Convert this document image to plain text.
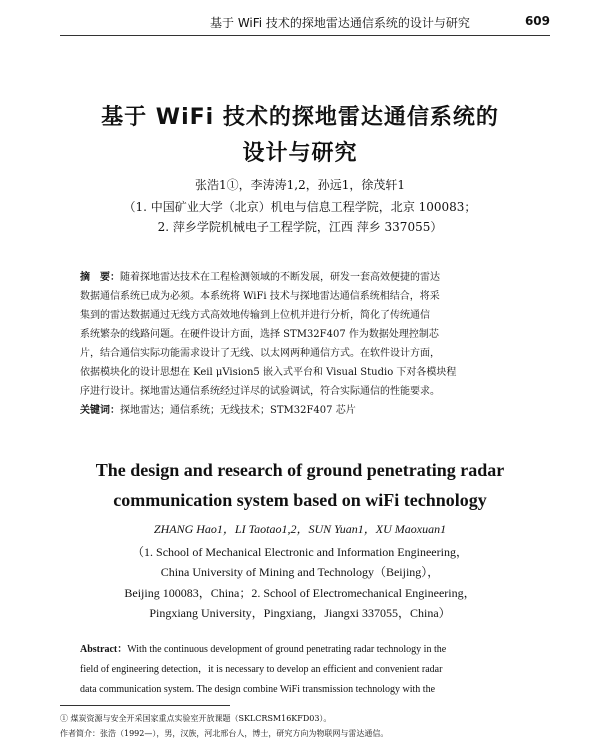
基于 WiFi 技术的探地雷达通信系统的设计与研究	609
基于 WiFi 技术的探地雷达通信系统的
设计与研究
张浩1①，李涛涛1,2，孙远1，徐茂轩1
（1. 中国矿业大学（北京）机电与信息工程学院，北京 100083；
2. 萍乡学院机械电子工程学院，江西 萍乡 337055）
摘　要：随着探地雷达技术在工程检测领域的不断发展，研发一套高效便捷的雷达
数据通信系统已成为必须。本系统将 WiFi 技术与探地雷达通信系统相结合，将采
集到的雷达数据通过无线方式高效地传输到上位机并进行分析，简化了传统通信
系统繁杂的线路问题。在硬件设计方面，选择 STM32F407 作为数据处理控制芯
片，结合通信实际功能需求设计了无线、以太网两种通信方式。在软件设计方面，
依据模块化的设计思想在 Keil μVision5 嵌入式平台和 Visual Studio 下对各模块程
序进行设计。探地雷达通信系统经过详尽的试验调试，符合实际通信的性能要求。
关键词：探地雷达；通信系统；无线技术；STM32F407 芯片
The design and research of ground penetrating radar
communication system based on wiFi technology
ZHANG Hao1，LI Taotao1,2，SUN Yuan1，XU Maoxuan1
（1. School of Mechanical Electronic and Information Engineering，
China University of Mining and Technology（Beijing），
Beijing 100083，China；2. School of Electromechanical Engineering，
Pingxiang University，Pingxiang，Jiangxi 337055，China）
Abstract：With the continuous development of ground penetrating radar technology in the
field of engineering detection，it is necessary to develop an efficient and convenient radar
data communication system. The design combine WiFi transmission technology with the
① 煤炭资源与安全开采国家重点实验室开放课题（SKLCRSM16KFD03）。
作者简介：张浩（1992—），男，汉族，河北邢台人，博士，研究方向为物联网与雷达通信。
